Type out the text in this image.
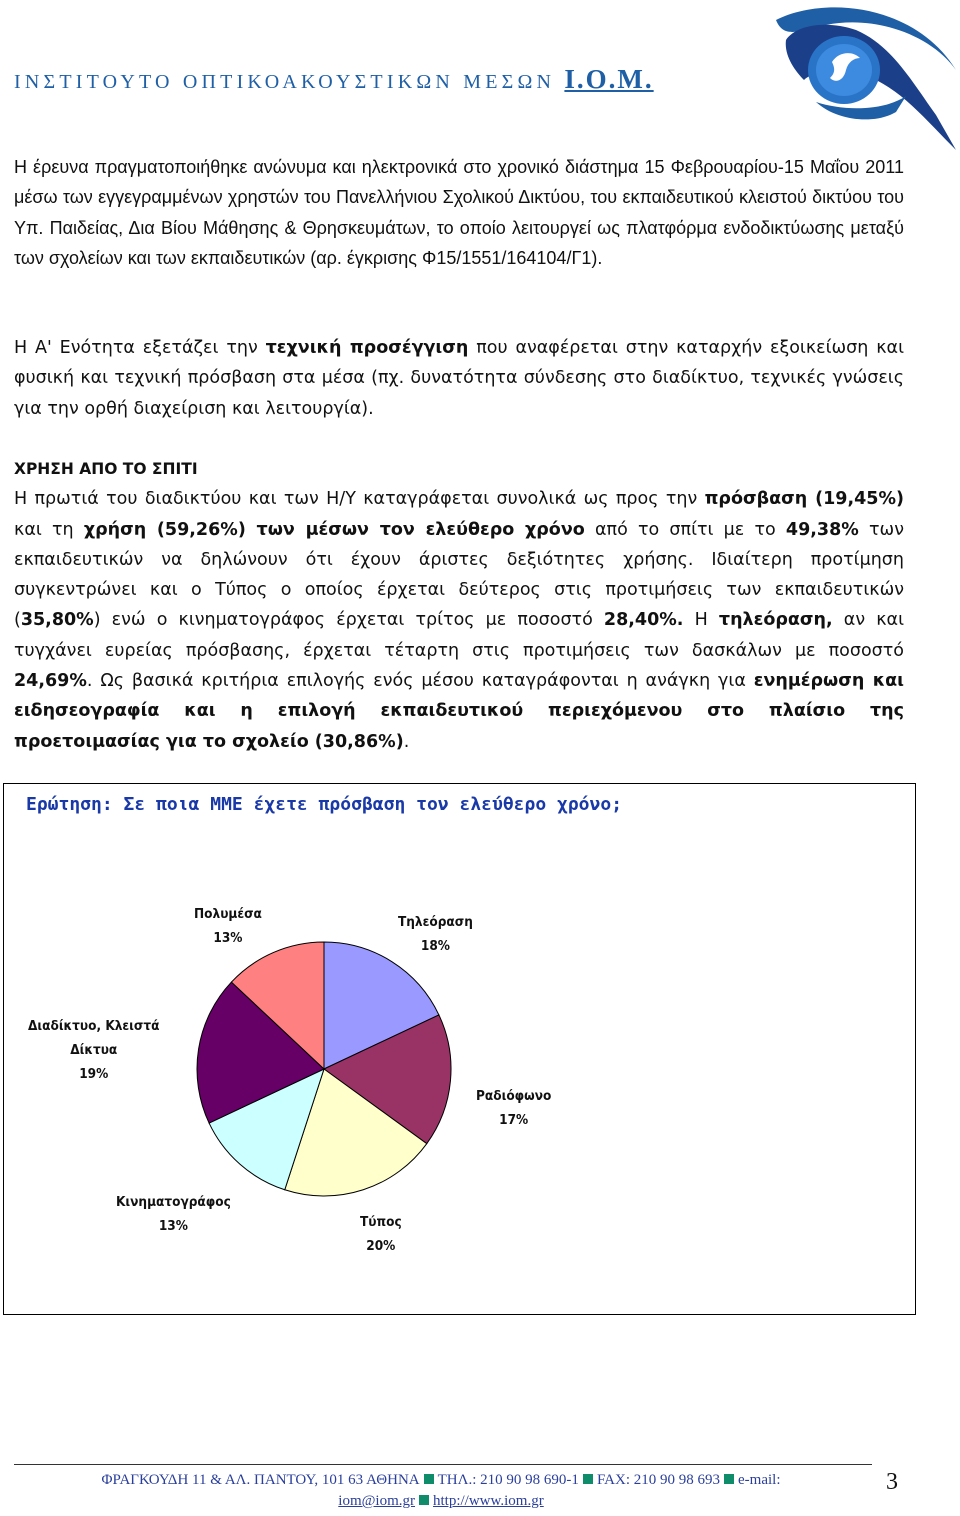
ΙΝΣΤΙΤΟΥΤΟ ΟΠΤΙΚΟΑΚΟΥΣΤΙΚΩΝ ΜΕΣΩΝ Ι.Ο.Μ.
Η έρευνα πραγματοποιήθηκε ανώνυμα και ηλεκτρονικά στο χρονικό διάστημα 15 Φεβρουαρίου-15 Μαΐου 2011 μέσω των εγγεγραμμένων χρηστών του Πανελλήνιου Σχολικού Δικτύου, του εκπαιδευτικού κλειστού δικτύου του Υπ. Παιδείας, Δια Βίου Μάθησης & Θρησκευμάτων, το οποίο λειτουργεί ως πλατφόρμα ενδοδικτύωσης μεταξύ των σχολείων και των εκπαιδευτικών (αρ. έγκρισης Φ15/1551/164104/Γ1).
Η Α' Ενότητα εξετάζει την τεχνική προσέγγιση που αναφέρεται στην καταρχήν εξοικείωση και φυσική και τεχνική πρόσβαση στα μέσα (πχ. δυνατότητα σύνδεσης στο διαδίκτυο, τεχνικές γνώσεις για την ορθή διαχείριση και λειτουργία).
ΧΡΗΣΗ ΑΠΟ ΤΟ ΣΠΙΤΙ
Η πρωτιά του διαδικτύου και των Η/Υ καταγράφεται συνολικά ως προς την πρόσβαση (19,45%) και τη χρήση (59,26%) των μέσων τον ελεύθερο χρόνο από το σπίτι με το 49,38% των εκπαιδευτικών να δηλώνουν ότι έχουν άριστες δεξιότητες χρήσης. Ιδιαίτερη προτίμηση συγκεντρώνει και ο Τύπος ο οποίος έρχεται δεύτερος στις προτιμήσεις των εκπαιδευτικών (35,80%) ενώ ο κινηματογράφος έρχεται τρίτος με ποσοστό 28,40%. Η τηλεόραση, αν και τυγχάνει ευρείας πρόσβασης, έρχεται τέταρτη στις προτιμήσεις των δασκάλων με ποσοστό 24,69%. Ως βασικά κριτήρια επιλογής ενός μέσου καταγράφονται η ανάγκη για ενημέρωση και ειδησεογραφία και η επιλογή εκπαιδευτικού περιεχόμενου στο πλαίσιο της προετοιμασίας για το σχολείο (30,86%).
Ερώτηση: Σε ποια ΜΜΕ έχετε πρόσβαση τον ελεύθερο χρόνο;
Τηλεόραση
18%
Ραδιόφωνο
17%
Τύπος
20%
Κινηματογράφος
13%
Διαδίκτυο, Κλειστά
Δίκτυα
19%
Πολυμέσα
13%
ΦΡΑΓΚΟΥΔΗ 11 & ΑΛ. ΠΑΝΤΟΥ, 101 63 ΑΘΗΝΑ ΤΗΛ.: 210 90 98 690-1 FAX: 210 90 98 693 e-mail:
iom@iom.gr http://www.iom.gr
3
